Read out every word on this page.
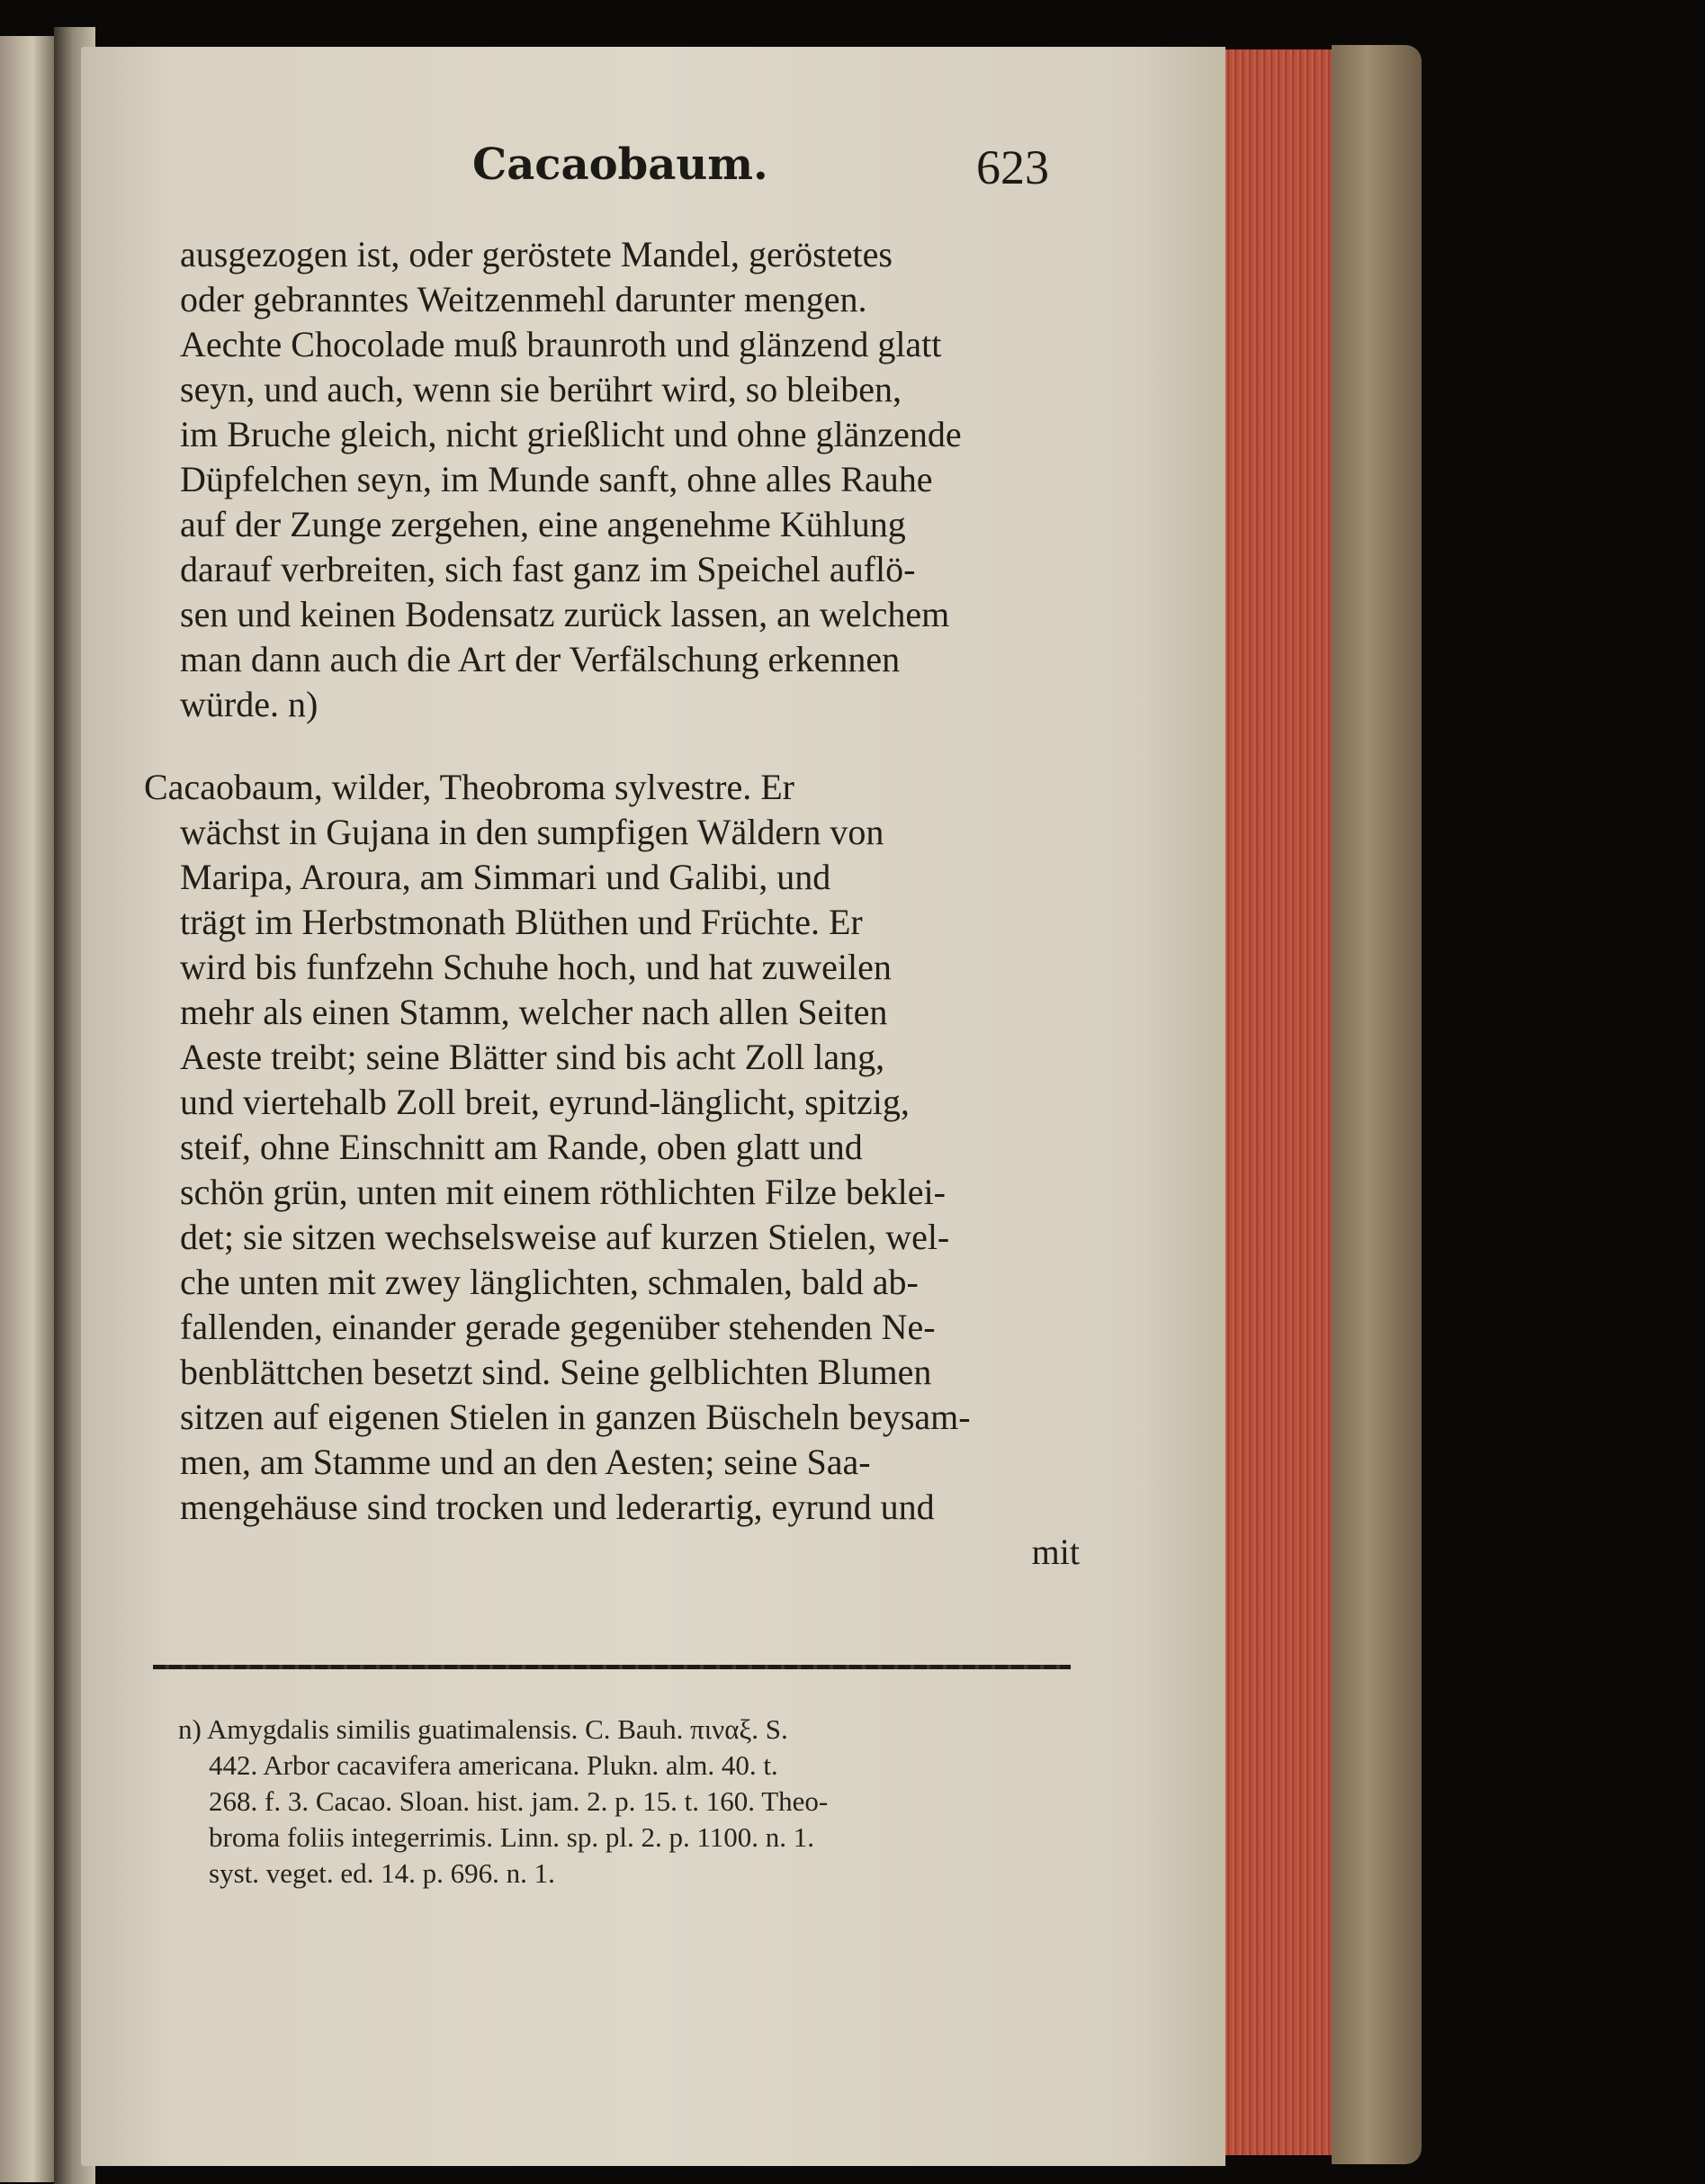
Cacaobaum.	623
ausgezogen ist, oder geröstete Mandel, geröstetes
oder gebranntes Weitzenmehl darunter mengen.
Aechte Chocolade muß braunroth und glänzend glatt
seyn, und auch, wenn sie berührt wird, so bleiben,
im Bruche gleich, nicht grießlicht und ohne glänzende
Düpfelchen seyn, im Munde sanft, ohne alles Rauhe
auf der Zunge zergehen, eine angenehme Kühlung
darauf verbreiten, sich fast ganz im Speichel auflö-
sen und keinen Bodensatz zurück lassen, an welchem
man dann auch die Art der Verfälschung erkennen
würde. n)
Cacaobaum, wilder, Theobroma sylvestre. Er
wächst in Gujana in den sumpfigen Wäldern von
Maripa, Aroura, am Simmari und Galibi, und
trägt im Herbstmonath Blüthen und Früchte. Er
wird bis funfzehn Schuhe hoch, und hat zuweilen
mehr als einen Stamm, welcher nach allen Seiten
Aeste treibt; seine Blätter sind bis acht Zoll lang,
und viertehalb Zoll breit, eyrund-länglicht, spitzig,
steif, ohne Einschnitt am Rande, oben glatt und
schön grün, unten mit einem röthlichten Filze beklei-
det; sie sitzen wechselsweise auf kurzen Stielen, wel-
che unten mit zwey länglichten, schmalen, bald ab-
fallenden, einander gerade gegenüber stehenden Ne-
benblättchen besetzt sind. Seine gelblichten Blumen
sitzen auf eigenen Stielen in ganzen Büscheln beysam-
men, am Stamme und an den Aesten; seine Saa-
mengehäuse sind trocken und lederartig, eyrund und
mit
n) Amygdalis similis guatimalensis. C. Bauh. πιναξ. S.
442. Arbor cacavifera americana. Plukn. alm. 40. t.
268. f. 3. Cacao. Sloan. hist. jam. 2. p. 15. t. 160. Theo-
broma foliis integerrimis. Linn. sp. pl. 2. p. 1100. n. 1.
syst. veget. ed. 14. p. 696. n. 1.
